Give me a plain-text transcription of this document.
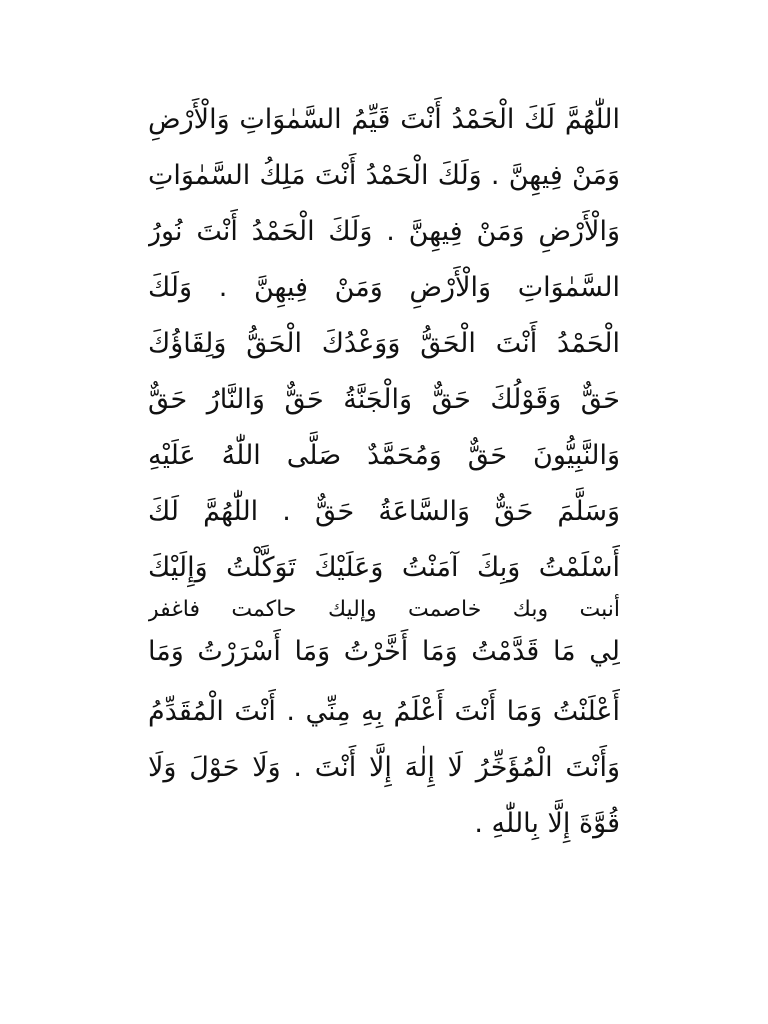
اللّٰهُمَّ لَكَ الْحَمْدُ أَنْتَ قَيِّمُ السَّمٰوَاتِ وَالْأَرْضِ
وَمَنْ فِيهِنَّ . وَلَكَ الْحَمْدُ أَنْتَ مَلِكُ السَّمٰوَاتِ
وَالْأَرْضِ وَمَنْ فِيهِنَّ . وَلَكَ الْحَمْدُ أَنْتَ نُورُ
السَّمٰوَاتِ وَالْأَرْضِ وَمَنْ فِيهِنَّ . وَلَكَ
الْحَمْدُ أَنْتَ الْحَقُّ وَوَعْدُكَ الْحَقُّ وَلِقَاؤُكَ
حَقٌّ وَقَوْلُكَ حَقٌّ وَالْجَنَّةُ حَقٌّ وَالنَّارُ حَقٌّ
وَالنَّبِيُّونَ حَقٌّ وَمُحَمَّدٌ صَلَّى اللّٰهُ عَلَيْهِ
وَسَلَّمَ حَقٌّ وَالسَّاعَةُ حَقٌّ . اللّٰهُمَّ لَكَ
أَسْلَمْتُ وَبِكَ آمَنْتُ وَعَلَيْكَ تَوَكَّلْتُ وَإِلَيْكَ
أنبت وبك خاصمت وإليك حاكمت فاغفر
لِي مَا قَدَّمْتُ وَمَا أَخَّرْتُ وَمَا أَسْرَرْتُ وَمَا
أَعْلَنْتُ وَمَا أَنْتَ أَعْلَمُ بِهِ مِنِّي . أَنْتَ الْمُقَدِّمُ
وَأَنْتَ الْمُؤَخِّرُ لَا إِلٰهَ إِلَّا أَنْتَ . وَلَا حَوْلَ وَلَا
قُوَّةَ إِلَّا بِاللّٰهِ .
